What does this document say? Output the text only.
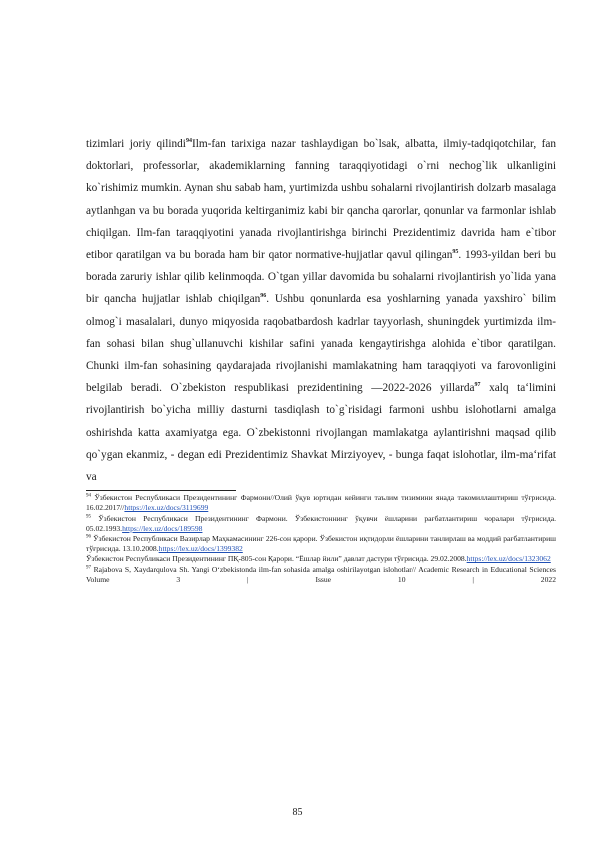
tizimlari joriy qilindi$^{94}$Ilm-fan tarixiga nazar tashlaydigan bo`lsak, albatta, ilmiy-tadqiqotchilar, fan doktorlari, professorlar, akademiklarning fanning taraqqiyotidagi o`rni nechog`lik ulkanligini ko`rishimiz mumkin. Aynan shu sabab ham, yurtimizda ushbu sohalarni rivojlantirish dolzarb masalaga aytlanhgan va bu borada yuqorida keltirganimiz kabi bir qancha qarorlar, qonunlar va farmonlar ishlab chiqilgan. Ilm-fan taraqqiyotini yanada rivojlantirishga birinchi Prezidentimiz davrida ham e`tibor etibor qaratilgan va bu borada ham bir qator normative-hujjatlar qavul qilingan$^{95}$. 1993-yildan beri bu borada zaruriy ishlar qilib kelinmoqda. O`tgan yillar davomida bu sohalarni rivojlantirish yo`lida yana bir qancha hujjatlar ishlab chiqilgan$^{96}$. Ushbu qonunlarda esa yoshlarning yanada yaxshiro` bilim olmog`i masalalari, dunyo miqyosida raqobatbardosh kadrlar tayyorlash, shuningdek yurtimizda ilm-fan sohasi bilan shug`ullanuvchi kishilar safini yanada kengaytirishga alohida e`tibor qaratilgan. Chunki ilm-fan sohasining qaydarajada rivojlanishi mamlakatning ham taraqqiyoti va farovonligini belgilab beradi. O`zbekiston respublikasi prezidentining ―2022-2026 yillarda$^{97}$ xalq ta‘limini rivojlantirish bo`yicha milliy dasturni tasdiqlash to`g`risidagi farmoni ushbu islohotlarni amalga oshirishda katta axamiyatga ega. O`zbekistonni rivojlangan mamlakatga aylantirishni maqsad qilib qo`ygan ekanmiz, - degan edi Prezidentimiz Shavkat Mirziyoyev, - bunga faqat islohotlar, ilm-ma‘rifat va

$^{94}$ Ўзбекистон Республикаси Президентининг Фармони//Олий ўқув юртидан кейинги таълим тизимини янада такомиллаштириш тўғрисида. 16.02.2017//https://lex.uz/docs/3119699

$^{95}$ Ўзбекистон Республикаси Президентининг Фармони. Ўзбекистоннинг ўқувчи ёшларини рағбатлантириш чоралари тўғрисида. 05.02.1993.https://lex.uz/docs/189598

$^{96}$ Ўзбекистон Республикаси Вазирлар Маҳкамасининг 226-сон қарори. Ўзбекистон иқтидорли ёшларини танлирлаш ва моддий рағбатлантириш тўғрисида. 13.10.2008.https://lex.uz/docs/1399382

Ўзбекистон Республикаси Президентининг ПҚ-805-сон Қарори. “Ёшлар йили” давлат дастури тўғрисида. 29.02.2008.https://lex.uz/docs/1323062

$^{97}$ Rajabova S, Xaydarqulova Sh. Yangi O‘zbekistonda ilm-fan sohasida amalga oshirilayotgan islohotlar// Academic Research in Educational Sciences Volume 3 | Issue 10 | 2022

85
